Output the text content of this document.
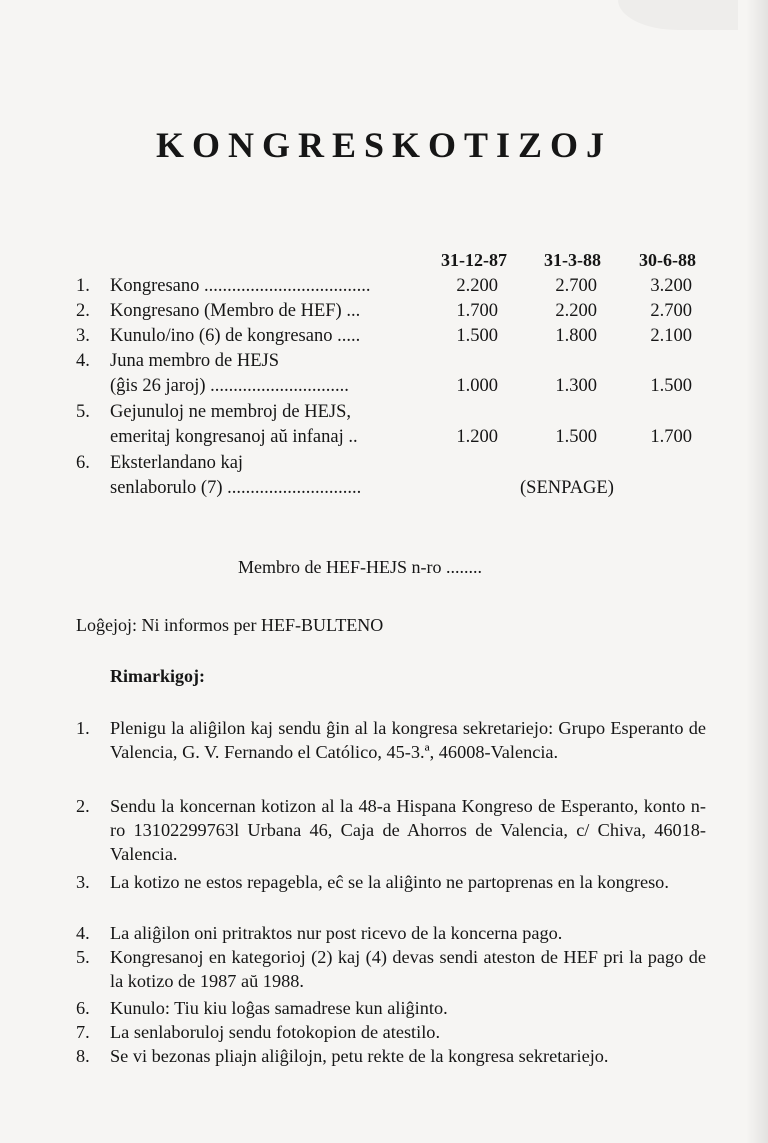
KONGRESKOTIZOJ
31-12-87 31-3-88 30-6-88
1. Kongresano ....................................	2.200	2.700	3.200
2. Kongresano (Membro de HEF) ...	1.700	2.200	2.700
3. Kunulo/ino (6) de kongresano .....	1.500	1.800	2.100
4. Juna membro de HEJS
(ĝis 26 jaroj) ..............................	1.000	1.300	1.500
5. Gejunuloj ne membroj de HEJS,
emeritaj kongresanoj aŭ infanaj ..	1.200	1.500	1.700
6. Eksterlandano kaj
senlaborulo (7) .............................	(SENPAGE)
Membro de HEF-HEJS n-ro ........
Loĝejoj: Ni informos per HEF-BULTENO
Rimarkigoj:
1.	Plenigu la aliĝilon kaj sendu ĝin al la kongresa sekretariejo: Grupo Esperanto de Valencia, G. V. Fernando el Católico, 45-3.ª, 46008-Valencia.
2.	Sendu la koncernan kotizon al la 48-a Hispana Kongreso de Esperanto, konto n-ro 13102299763l Urbana 46, Caja de Ahorros de Valencia, c/ Chiva, 46018-Valencia.
3.	La kotizo ne estos repagebla, eĉ se la aliĝinto ne partoprenas en la kongreso.
4.	La aliĝilon oni pritraktos nur post ricevo de la koncerna pago.
5.	Kongresanoj en kategorioj (2) kaj (4) devas sendi ateston de HEF pri la pago de la kotizo de 1987 aŭ 1988.
6.	Kunulo: Tiu kiu loĝas samadrese kun aliĝinto.
7.	La senlaboruloj sendu fotokopion de atestilo.
8.	Se vi bezonas pliajn aliĝilojn, petu rekte de la kongresa sekretariejo.
